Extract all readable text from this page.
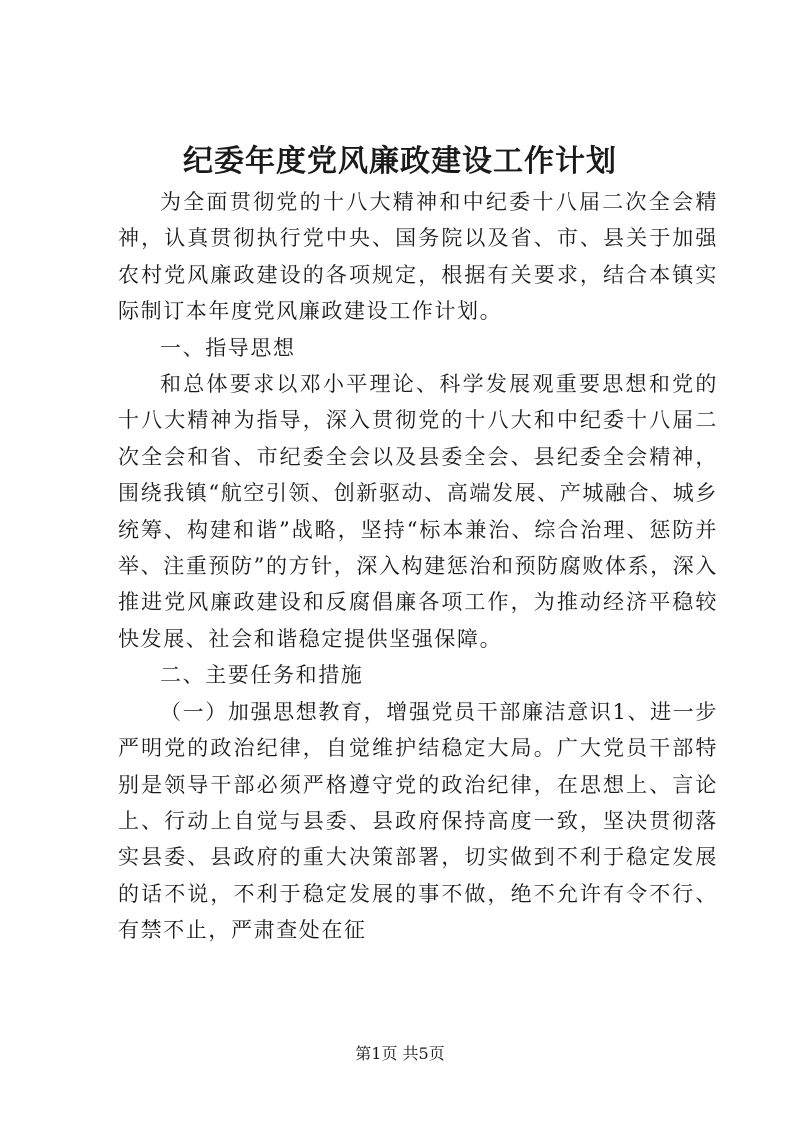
纪委年度党风廉政建设工作计划

为全面贯彻党的十八大精神和中纪委十八届二次全会精神，认真贯彻执行党中央、国务院以及省、市、县关于加强农村党风廉政建设的各项规定，根据有关要求，结合本镇实际制订本年度党风廉政建设工作计划。

一、指导思想

和总体要求以邓小平理论、科学发展观重要思想和党的十八大精神为指导，深入贯彻党的十八大和中纪委十八届二次全会和省、市纪委全会以及县委全会、县纪委全会精神，围绕我镇“航空引领、创新驱动、高端发展、产城融合、城乡统筹、构建和谐”战略，坚持“标本兼治、综合治理、惩防并举、注重预防”的方针，深入构建惩治和预防腐败体系，深入推进党风廉政建设和反腐倡廉各项工作，为推动经济平稳较快发展、社会和谐稳定提供坚强保障。

二、主要任务和措施

（一）加强思想教育，增强党员干部廉洁意识1、进一步严明党的政治纪律，自觉维护结稳定大局。广大党员干部特别是领导干部必须严格遵守党的政治纪律，在思想上、言论上、行动上自觉与县委、县政府保持高度一致，坚决贯彻落实县委、县政府的重大决策部署，切实做到不利于稳定发展的话不说，不利于稳定发展的事不做，绝不允许有令不行、有禁不止，严肃查处在征

第1页 共5页
